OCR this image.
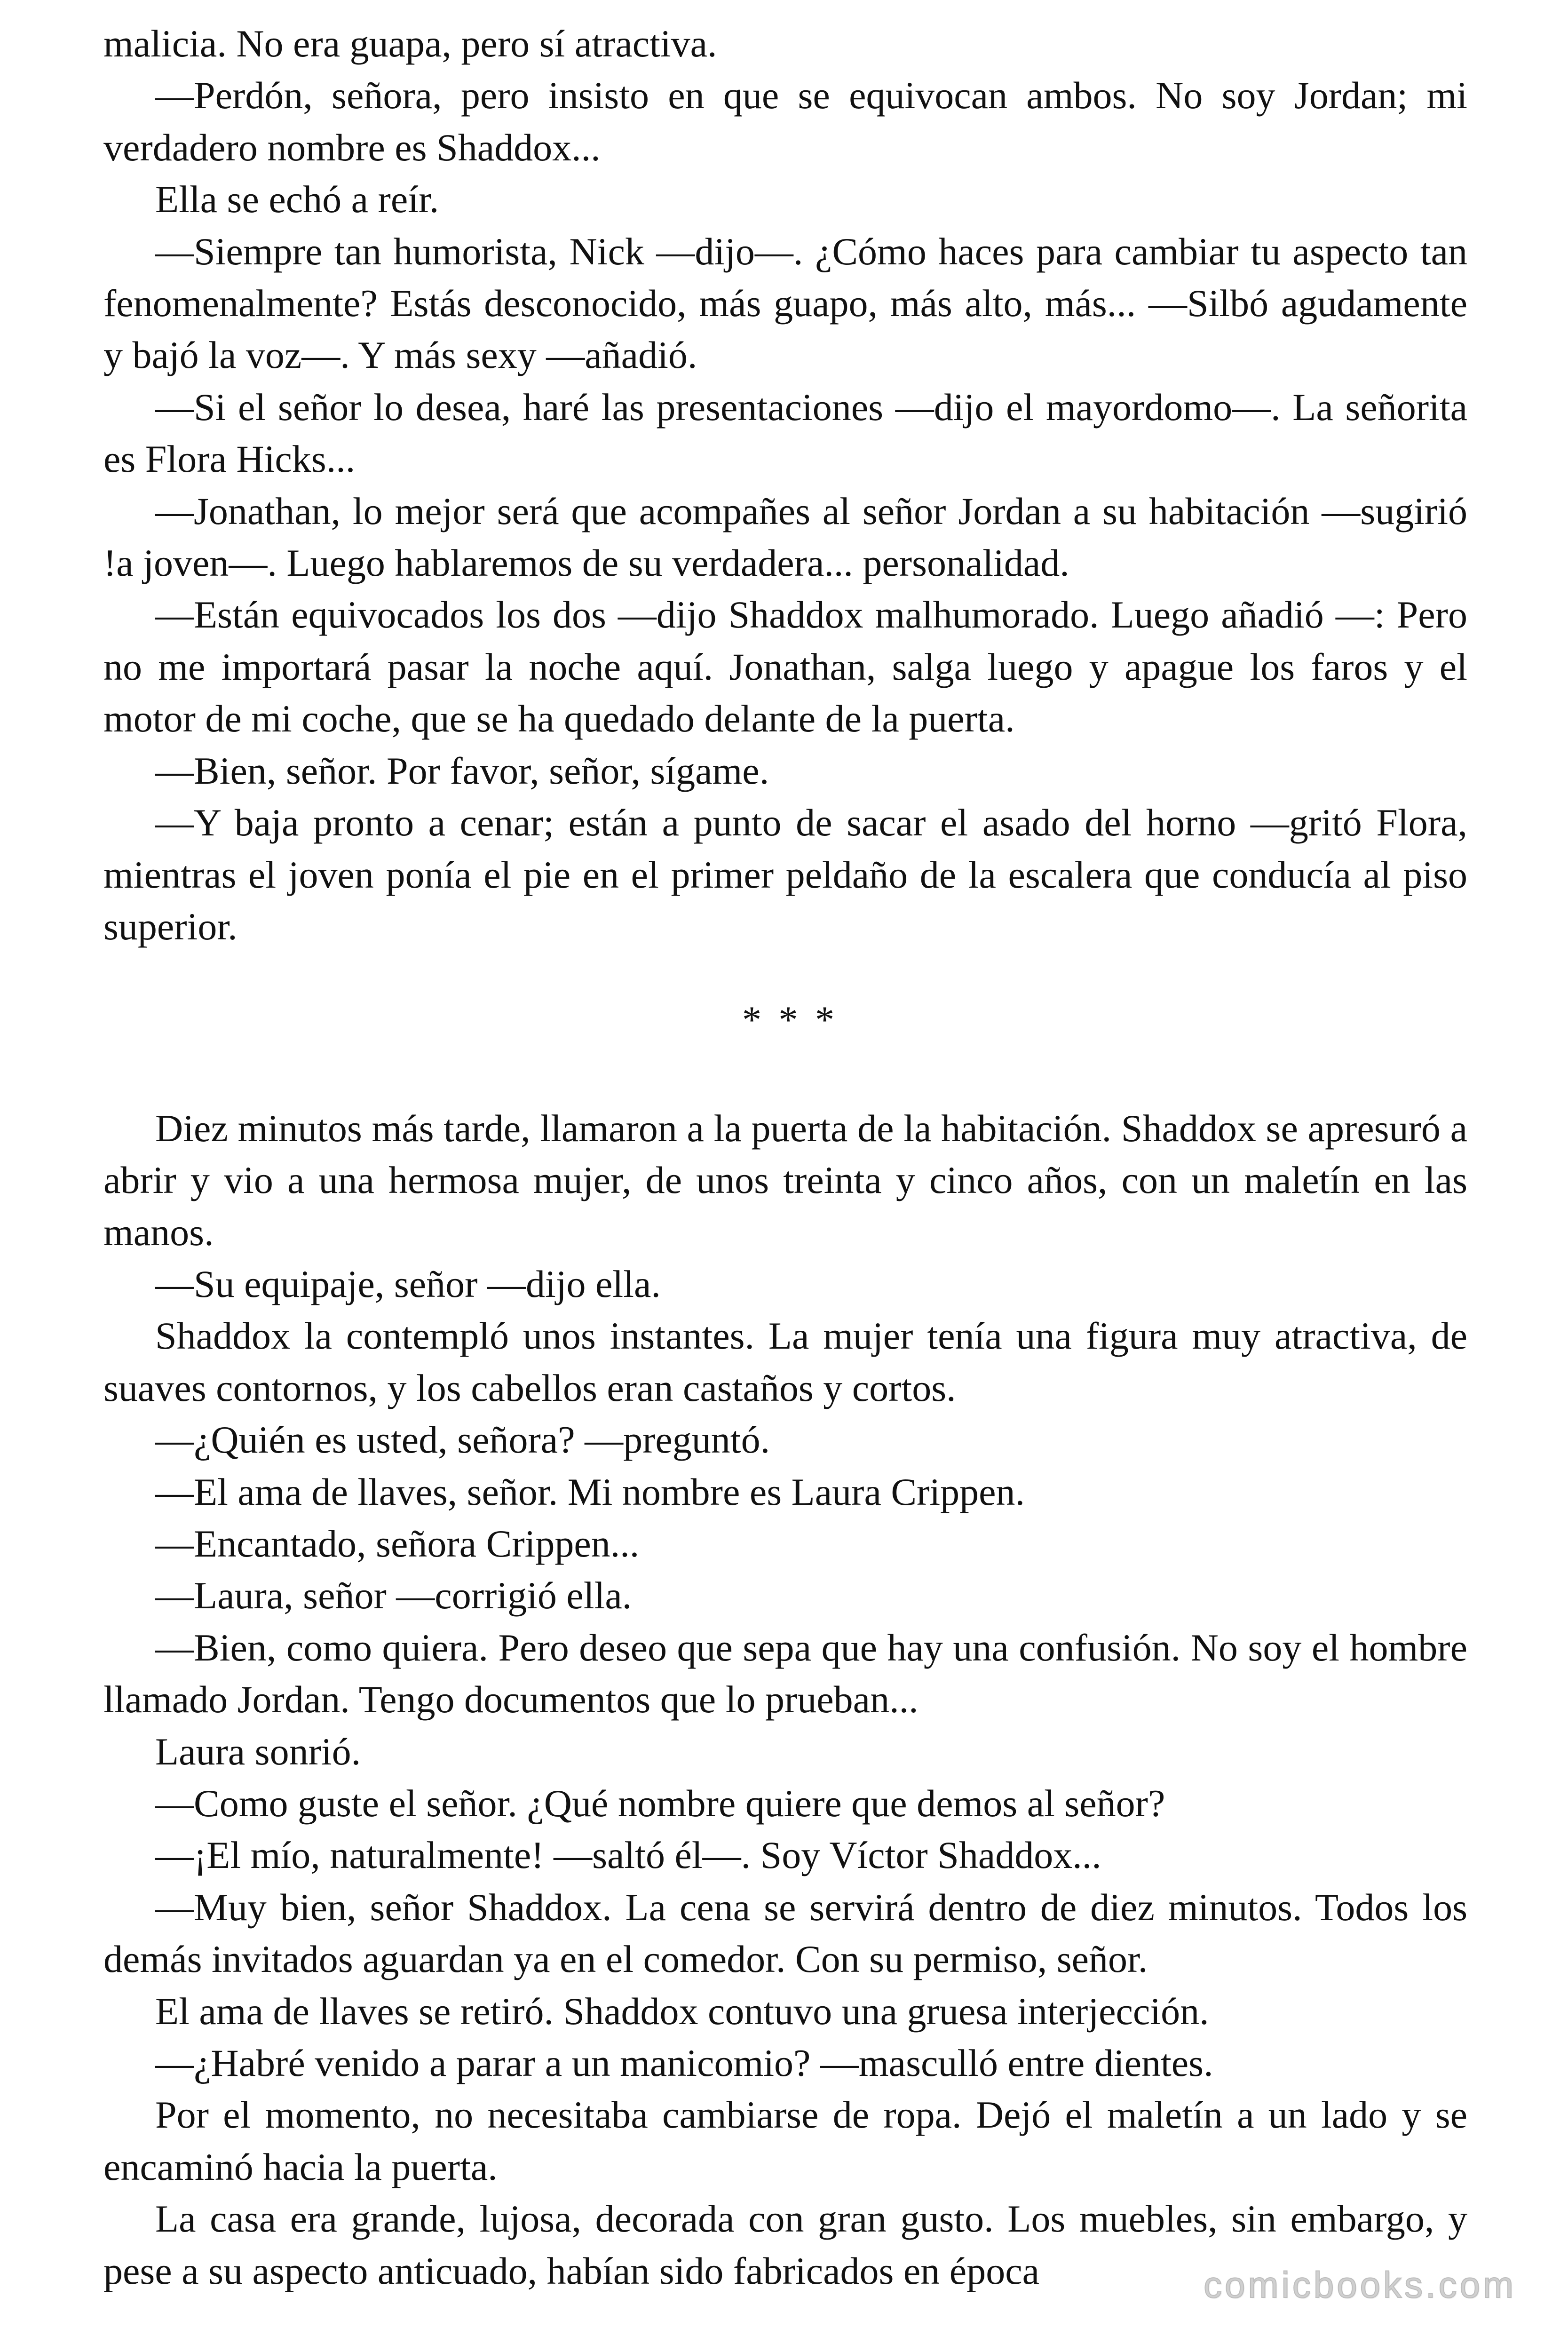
malicia. No era guapa, pero sí atractiva.

—Perdón, señora, pero insisto en que se equivocan ambos. No soy Jordan; mi verdadero nombre es Shaddox...

Ella se echó a reír.

—Siempre tan humorista, Nick —dijo—. ¿Cómo haces para cambiar tu aspecto tan fenomenalmente? Estás desconocido, más guapo, más alto, más... —Silbó agudamente y bajó la voz—. Y más sexy —añadió.

—Si el señor lo desea, haré las presentaciones —dijo el mayordomo—. La señorita es Flora Hicks...

—Jonathan, lo mejor será que acompañes al señor Jordan a su habitación —sugirió !a joven—. Luego hablaremos de su verdadera... personalidad.

—Están equivocados los dos —dijo Shaddox malhumorado. Luego añadió —: Pero no me importará pasar la noche aquí. Jonathan, salga luego y apague los faros y el motor de mi coche, que se ha quedado delante de la puerta.

—Bien, señor. Por favor, señor, sígame.

—Y baja pronto a cenar; están a punto de sacar el asado del horno —gritó Flora, mientras el joven ponía el pie en el primer peldaño de la escalera que conducía al piso superior.

* * *

Diez minutos más tarde, llamaron a la puerta de la habitación. Shaddox se apresuró a abrir y vio a una hermosa mujer, de unos treinta y cinco años, con un maletín en las manos.

—Su equipaje, señor —dijo ella.

Shaddox la contempló unos instantes. La mujer tenía una figura muy atractiva, de suaves contornos, y los cabellos eran castaños y cortos.

—¿Quién es usted, señora? —preguntó.

—El ama de llaves, señor. Mi nombre es Laura Crippen.

—Encantado, señora Crippen...

—Laura, señor —corrigió ella.

—Bien, como quiera. Pero deseo que sepa que hay una confusión. No soy el hombre llamado Jordan. Tengo documentos que lo prueban...

Laura sonrió.

—Como guste el señor. ¿Qué nombre quiere que demos al señor?

—¡El mío, naturalmente! —saltó él—. Soy Víctor Shaddox...

—Muy bien, señor Shaddox. La cena se servirá dentro de diez minutos. Todos los demás invitados aguardan ya en el comedor. Con su permiso, señor.

El ama de llaves se retiró. Shaddox contuvo una gruesa interjección.

—¿Habré venido a parar a un manicomio? —masculló entre dientes.

Por el momento, no necesitaba cambiarse de ropa. Dejó el maletín a un lado y se encaminó hacia la puerta.

La casa era grande, lujosa, decorada con gran gusto. Los muebles, sin embargo, y pese a su aspecto anticuado, habían sido fabricados en época	comicbooks.com
